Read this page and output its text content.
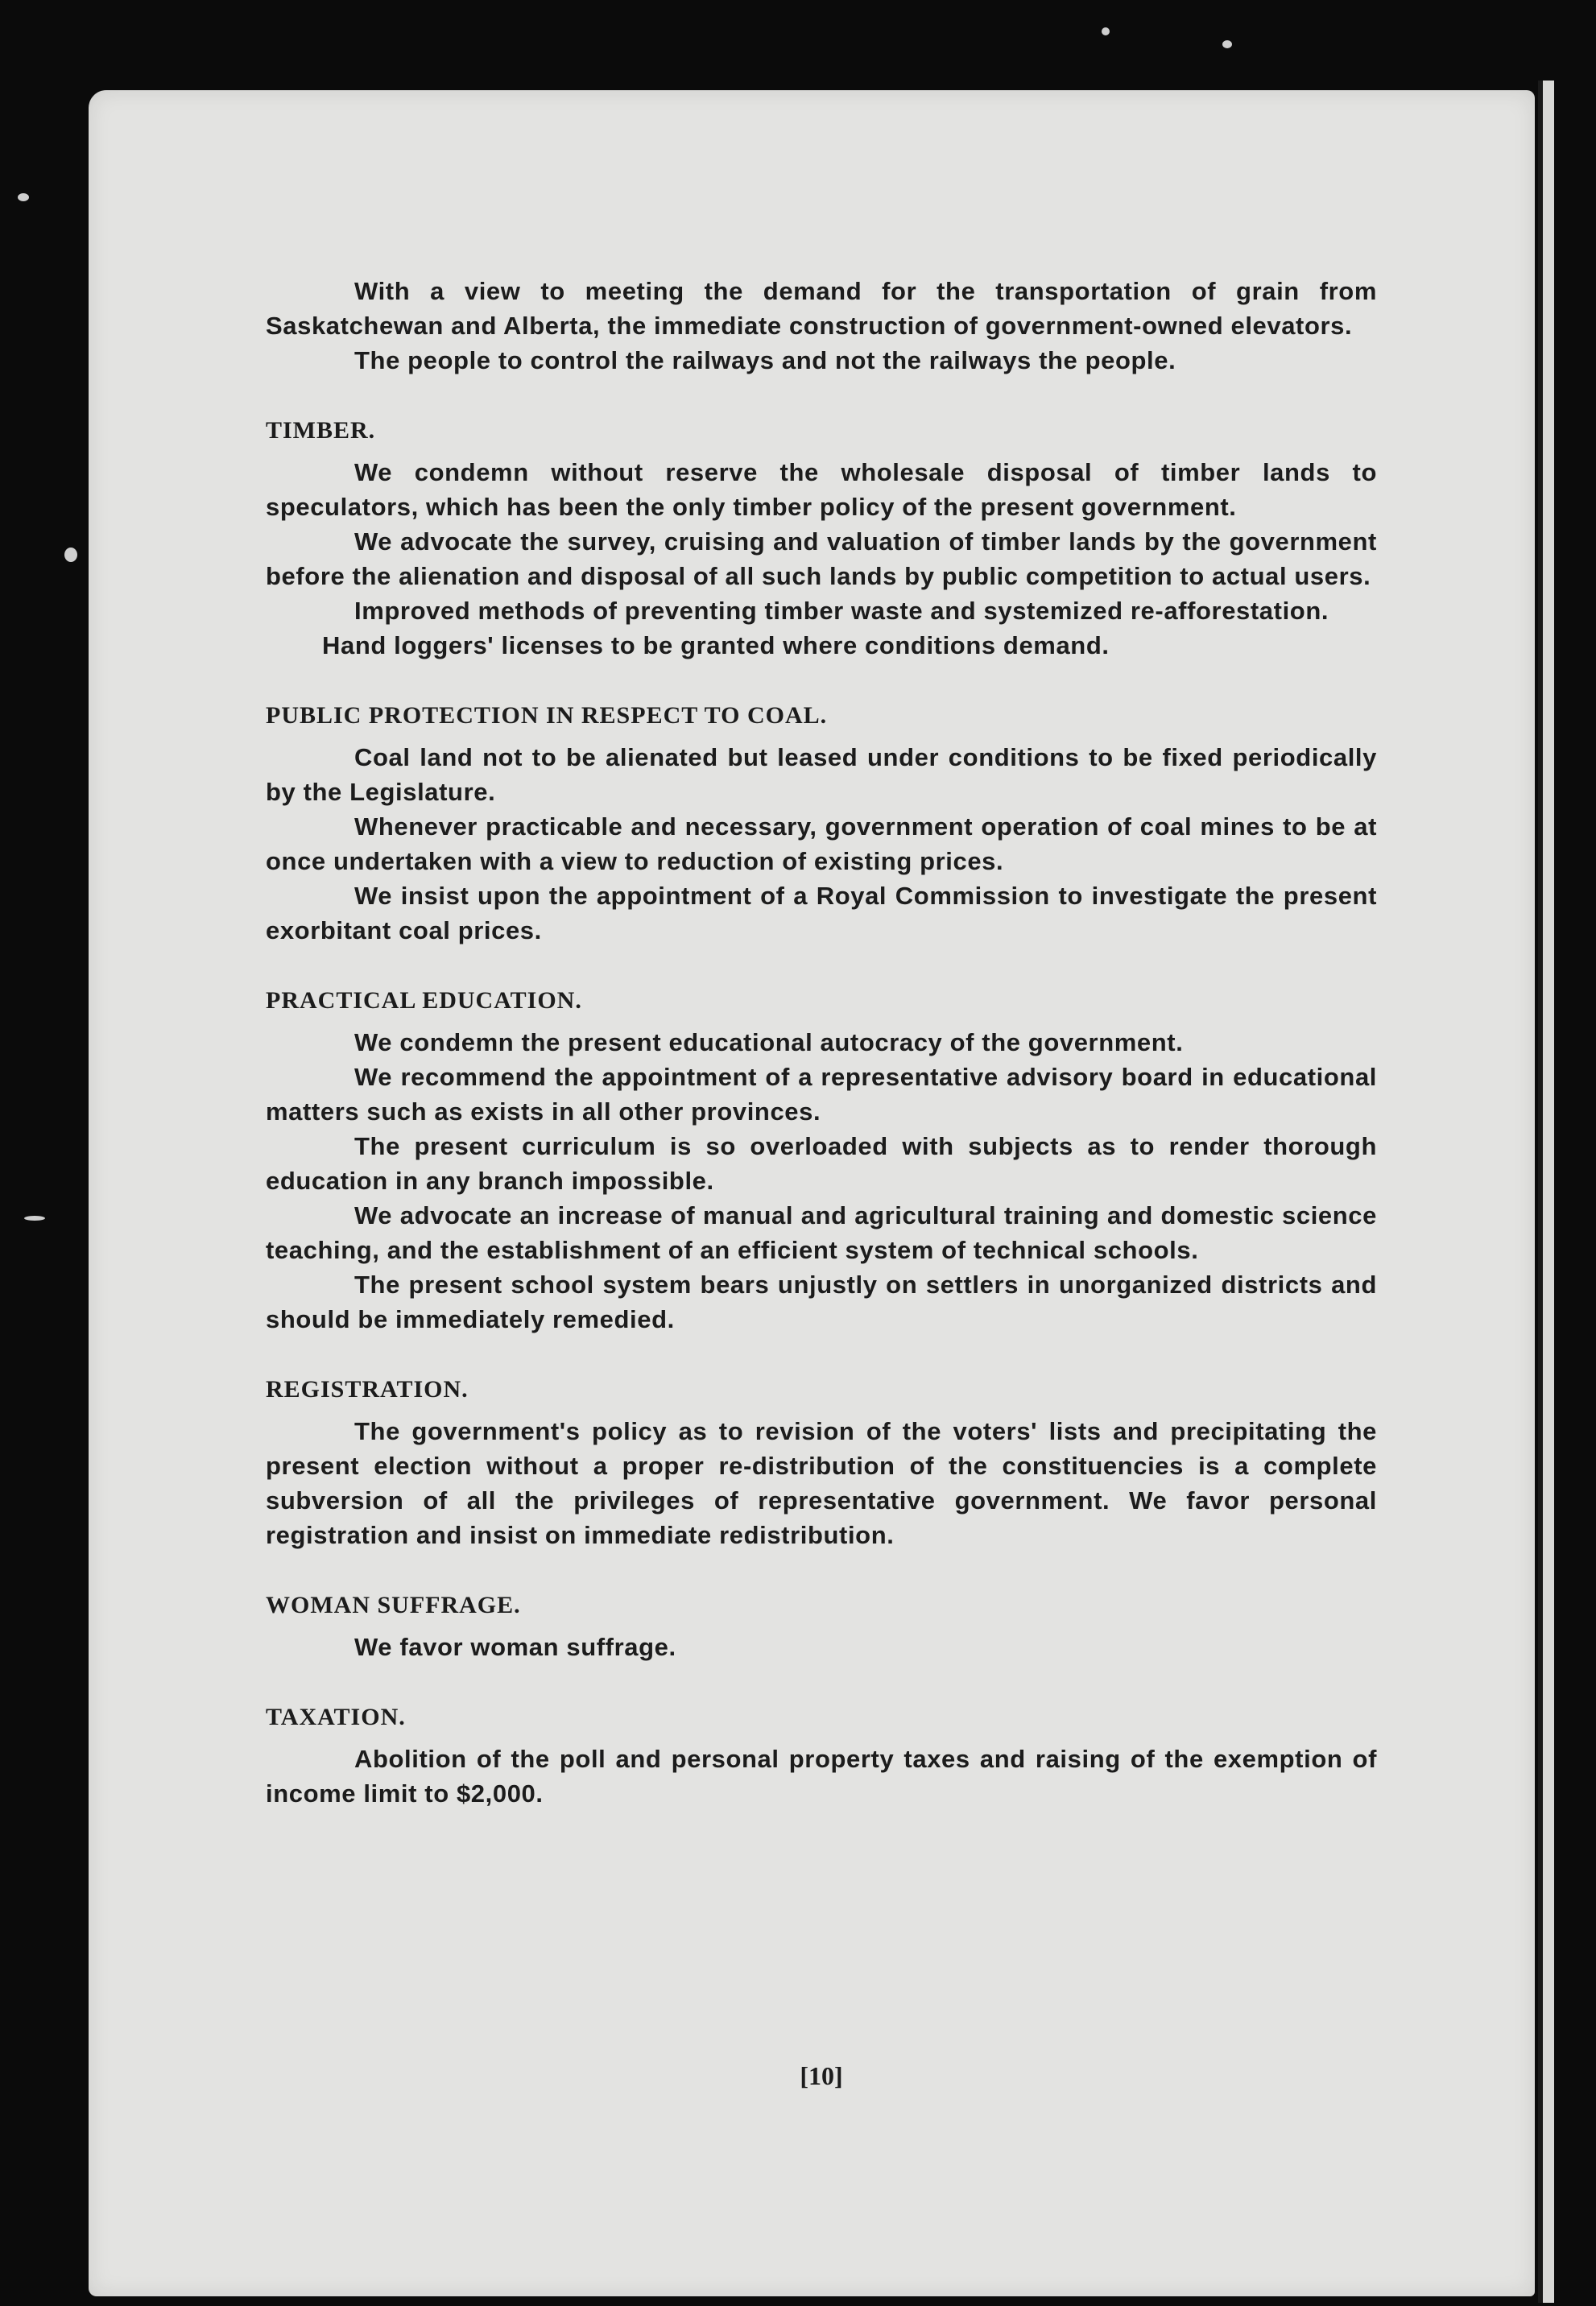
With a view to meeting the demand for the transportation of grain from Saskatchewan and Alberta, the immediate construction of government-owned elevators.

The people to control the railways and not the railways the people.

TIMBER.

We condemn without reserve the wholesale disposal of timber lands to speculators, which has been the only timber policy of the present government.

We advocate the survey, cruising and valuation of timber lands by the government before the alienation and disposal of all such lands by public competition to actual users.

Improved methods of preventing timber waste and systemized re-afforestation.

Hand loggers' licenses to be granted where conditions demand.

PUBLIC PROTECTION IN RESPECT TO COAL.

Coal land not to be alienated but leased under conditions to be fixed periodically by the Legislature.

Whenever practicable and necessary, government operation of coal mines to be at once undertaken with a view to reduction of existing prices.

We insist upon the appointment of a Royal Commission to investigate the present exorbitant coal prices.

PRACTICAL EDUCATION.

We condemn the present educational autocracy of the government.

We recommend the appointment of a representative advisory board in educational matters such as exists in all other provinces.

The present curriculum is so overloaded with subjects as to render thorough education in any branch impossible.

We advocate an increase of manual and agricultural training and domestic science teaching, and the establishment of an efficient system of technical schools.

The present school system bears unjustly on settlers in unorganized districts and should be immediately remedied.

REGISTRATION.

The government's policy as to revision of the voters' lists and precipitating the present election without a proper re-distribution of the constituencies is a complete subversion of all the privileges of representative government. We favor personal registration and insist on immediate redistribution.

WOMAN SUFFRAGE.

We favor woman suffrage.

TAXATION.

Abolition of the poll and personal property taxes and raising of the exemption of income limit to $2,000.

[10]
